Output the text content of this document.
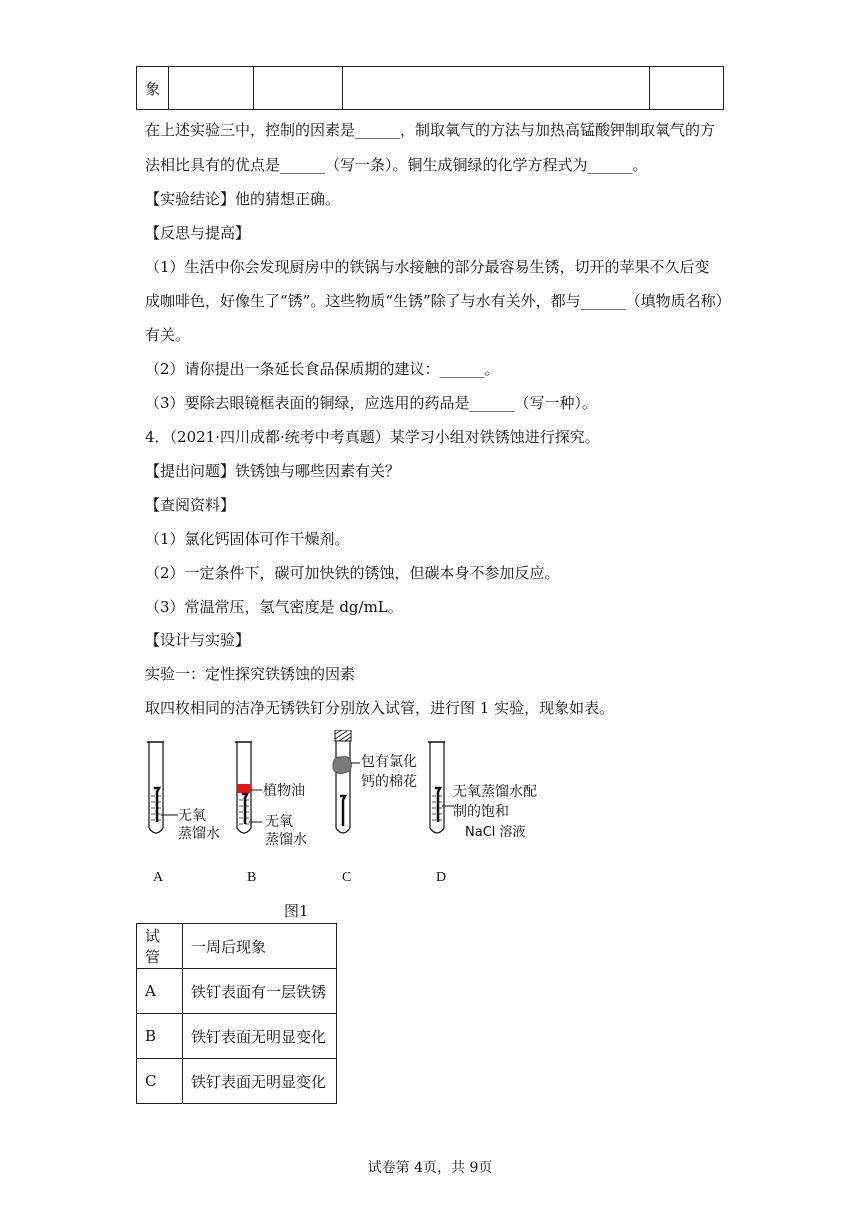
象				
在上述实验三中，控制的因素是______，制取氧气的方法与加热高锰酸钾制取氧气的方
法相比具有的优点是______（写一条）。铜生成铜绿的化学方程式为______。
【实验结论】他的猜想正确。
【反思与提高】
（1）生活中你会发现厨房中的铁锅与水接触的部分最容易生锈，切开的苹果不久后变
成咖啡色，好像生了“锈”。这些物质“生锈”除了与水有关外，都与______（填物质名称）
有关。
（2）请你提出一条延长食品保质期的建议：______。
（3）要除去眼镜框表面的铜绿，应选用的药品是______（写一种）。
4．（2021·四川成都·统考中考真题）某学习小组对铁锈蚀进行探究。
【提出问题】铁锈蚀与哪些因素有关？
【查阅资料】
（1）氯化钙固体可作干燥剂。
（2）一定条件下，碳可加快铁的锈蚀，但碳本身不参加反应。
（3）常温常压，氢气密度是 dg/mL。
【设计与实验】
实验一：定性探究铁锈蚀的因素
取四枚相同的洁净无锈铁钉分别放入试管，进行图 1 实验，现象如表。
无氧
蒸馏水
植物油
无氧
蒸馏水
包有氯化
钙的棉花
无氧蒸馏水配
制的饱和
NaCl 溶液
A	B	C	D
图1
试管	一周后现象
A	铁钉表面有一层铁锈
B	铁钉表面无明显变化
C	铁钉表面无明显变化
试卷第 4页，共 9页
